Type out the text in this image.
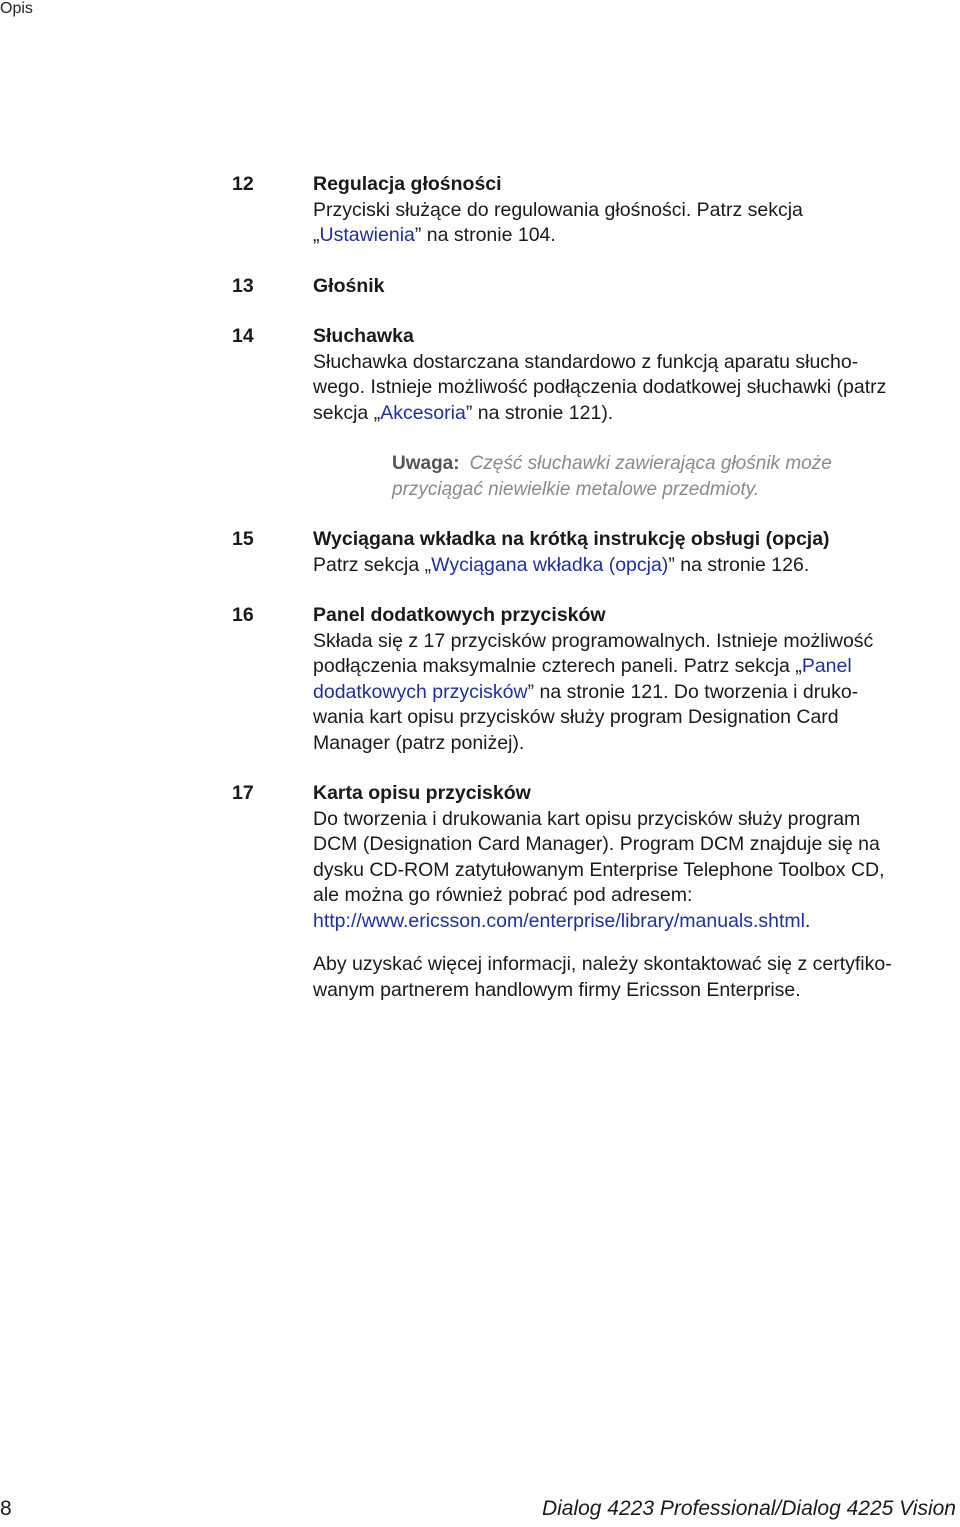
Opis
12	Regulacja głośności
Przyciski służące do regulowania głośności. Patrz sekcja
„Ustawienia” na stronie 104.
13	Głośnik
14	Słuchawka
Słuchawka dostarczana standardowo z funkcją aparatu słucho-
wego. Istnieje możliwość podłączenia dodatkowej słuchawki (patrz
sekcja „Akcesoria” na stronie 121).
Uwaga: Część słuchawki zawierająca głośnik może
przyciągać niewielkie metalowe przedmioty.
15	Wyciągana wkładka na krótką instrukcję obsługi (opcja)
Patrz sekcja „Wyciągana wkładka (opcja)” na stronie 126.
16	Panel dodatkowych przycisków
Składa się z 17 przycisków programowalnych. Istnieje możliwość
podłączenia maksymalnie czterech paneli. Patrz sekcja „Panel
dodatkowych przycisków” na stronie 121. Do tworzenia i druko-
wania kart opisu przycisków służy program Designation Card
Manager (patrz poniżej).
17	Karta opisu przycisków
Do tworzenia i drukowania kart opisu przycisków służy program
DCM (Designation Card Manager). Program DCM znajduje się na
dysku CD-ROM zatytułowanym Enterprise Telephone Toolbox CD,
ale można go również pobrać pod adresem:
http://www.ericsson.com/enterprise/library/manuals.shtml.
Aby uzyskać więcej informacji, należy skontaktować się z certyfiko-
wanym partnerem handlowym firmy Ericsson Enterprise.
8	Dialog 4223 Professional/Dialog 4225 Vision
